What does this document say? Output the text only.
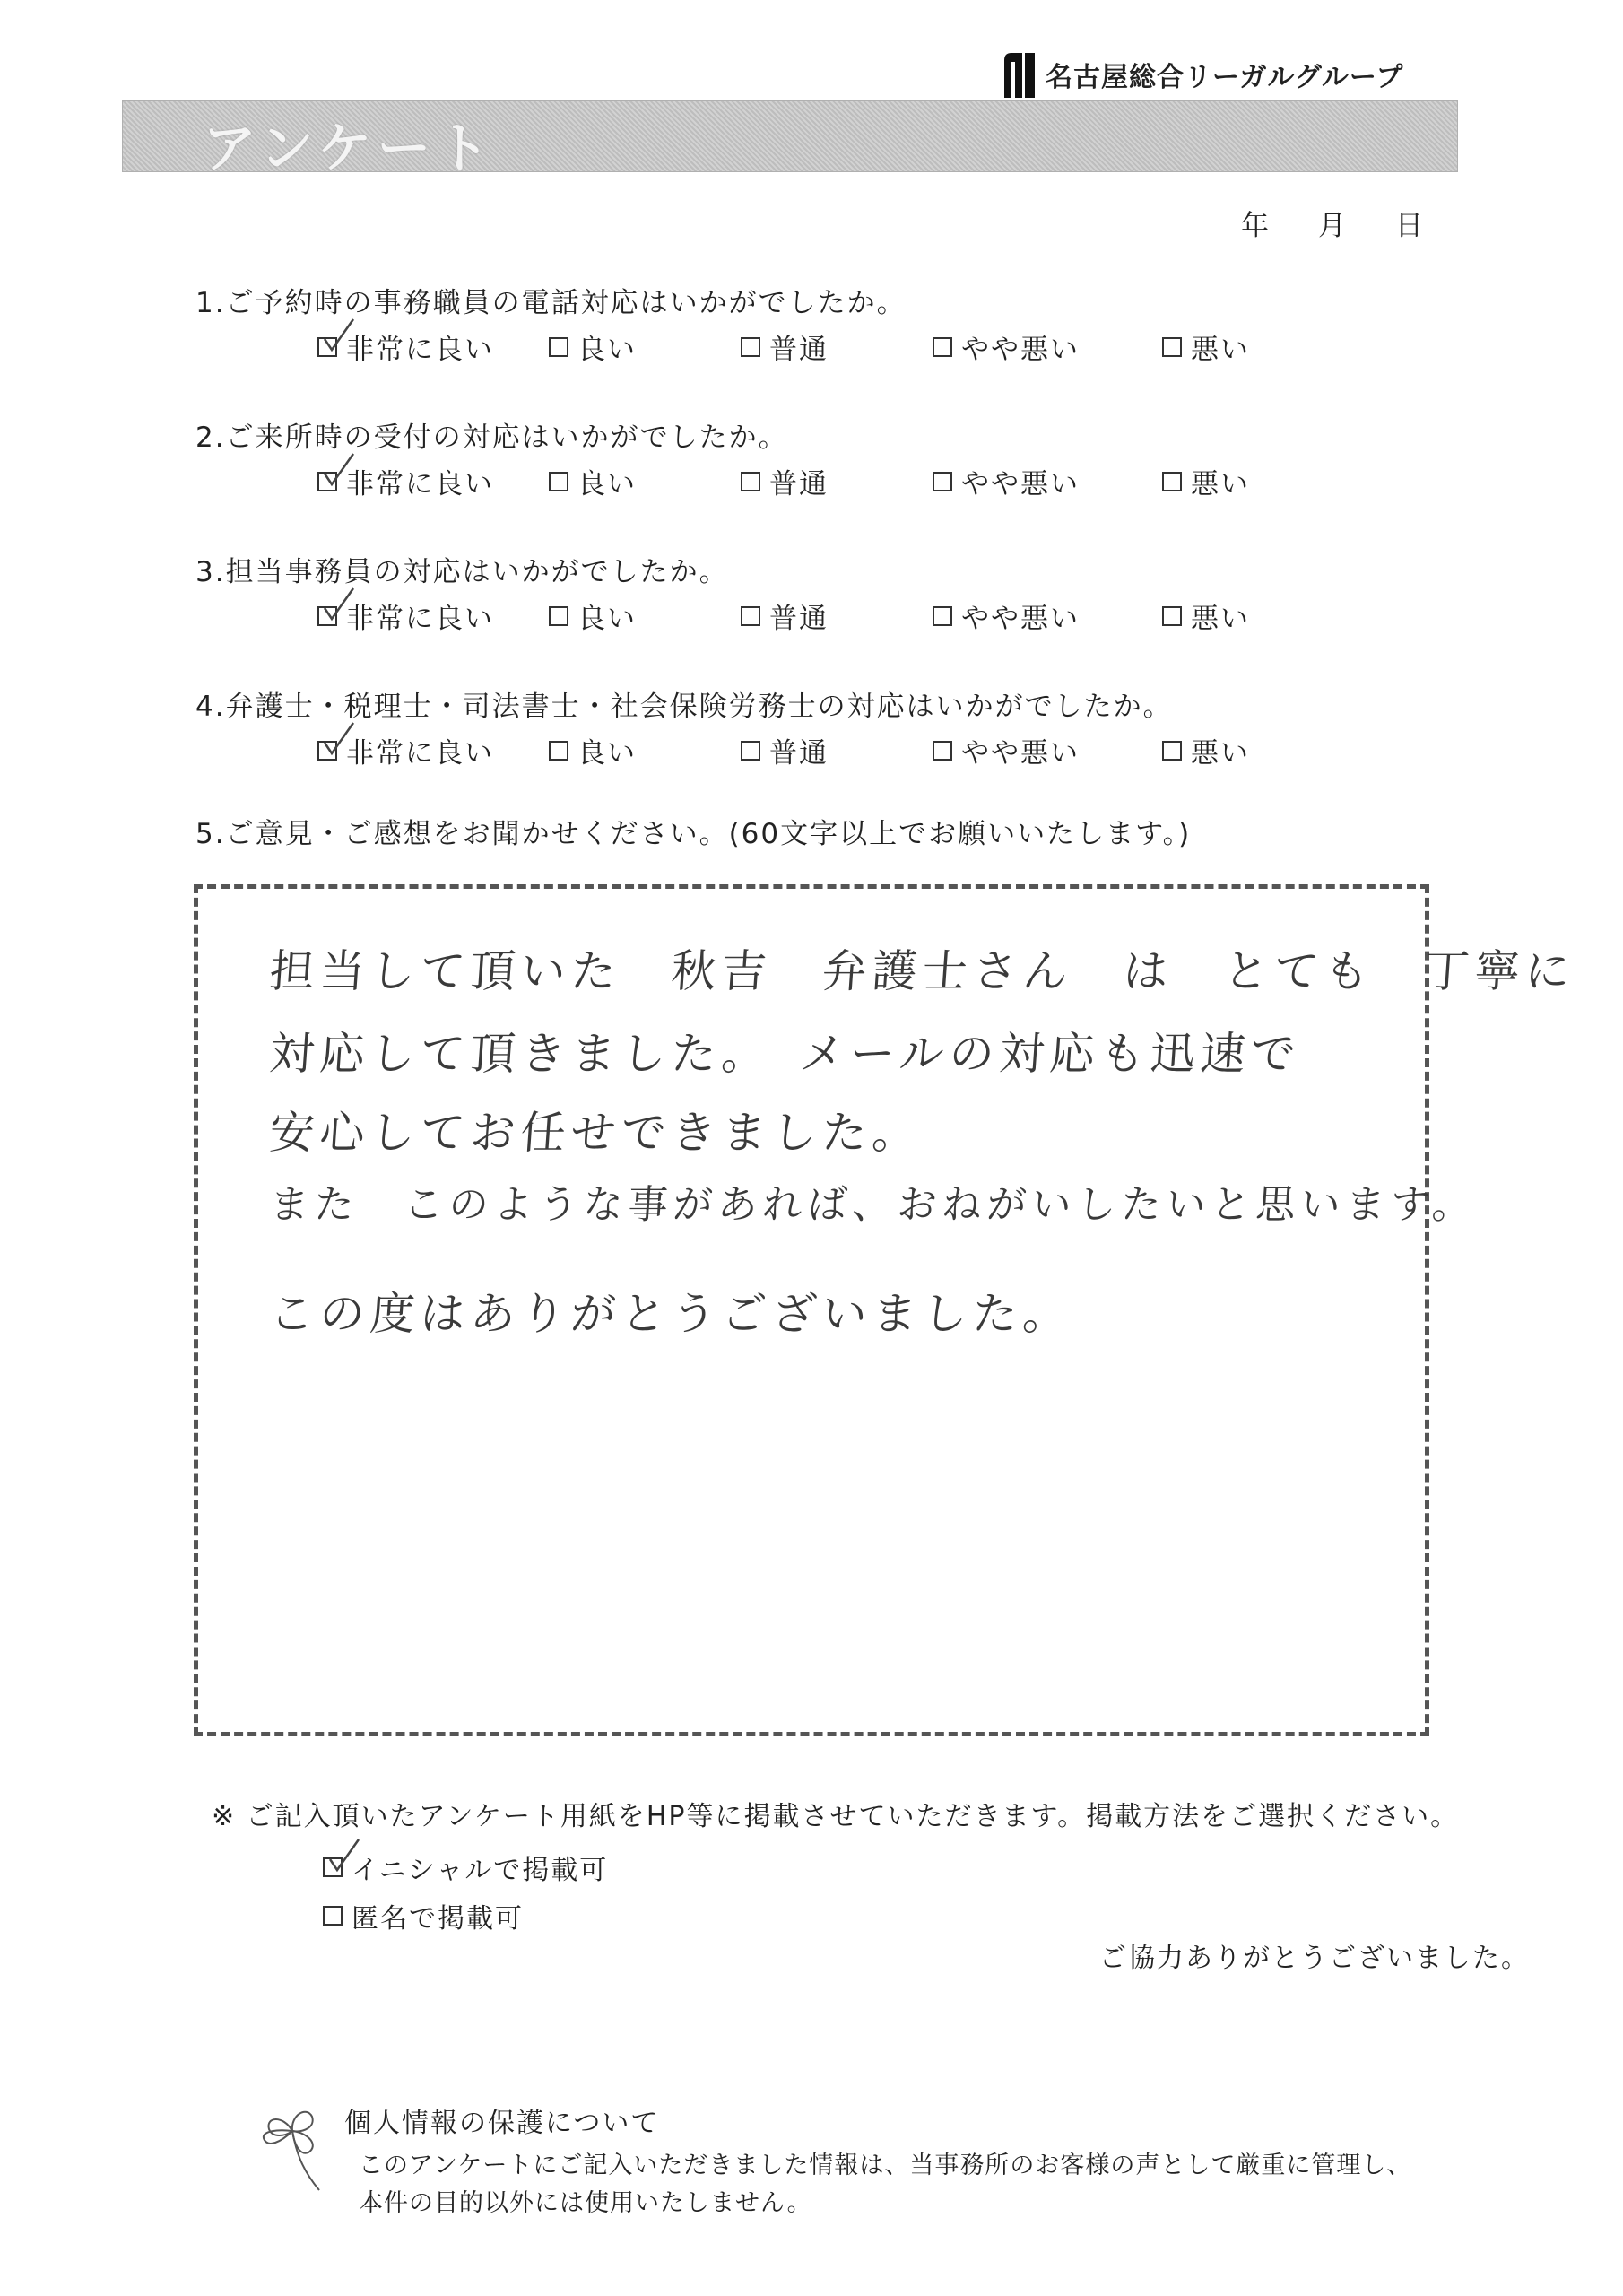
名古屋総合リーガルグループ
アンケート
年 月 日
1.ご予約時の事務職員の電話対応はいかがでしたか。
非常に良い	良い	普通	やや悪い	悪い
2.ご来所時の受付の対応はいかがでしたか。
非常に良い	良い	普通	やや悪い	悪い
3.担当事務員の対応はいかがでしたか。
非常に良い	良い	普通	やや悪い	悪い
4.弁護士・税理士・司法書士・社会保険労務士の対応はいかがでしたか。
非常に良い	良い	普通	やや悪い	悪い
5.ご意見・ご感想をお聞かせください。(60文字以上でお願いいたします。)
担当して頂いた　秋吉　弁護士さん　は　とても　丁寧に
対応して頂きました。　メールの対応も迅速で
安心してお任せできました。
また　このような事があれば、おねがいしたいと思います。
この度はありがとうございました。
※ ご記入頂いたアンケート用紙をHP等に掲載させていただきます。掲載方法をご選択ください。
イニシャルで掲載可
匿名で掲載可
ご協力ありがとうございました。
個人情報の保護について
このアンケートにご記入いただきました情報は、当事務所のお客様の声として厳重に管理し、
本件の目的以外には使用いたしません。
